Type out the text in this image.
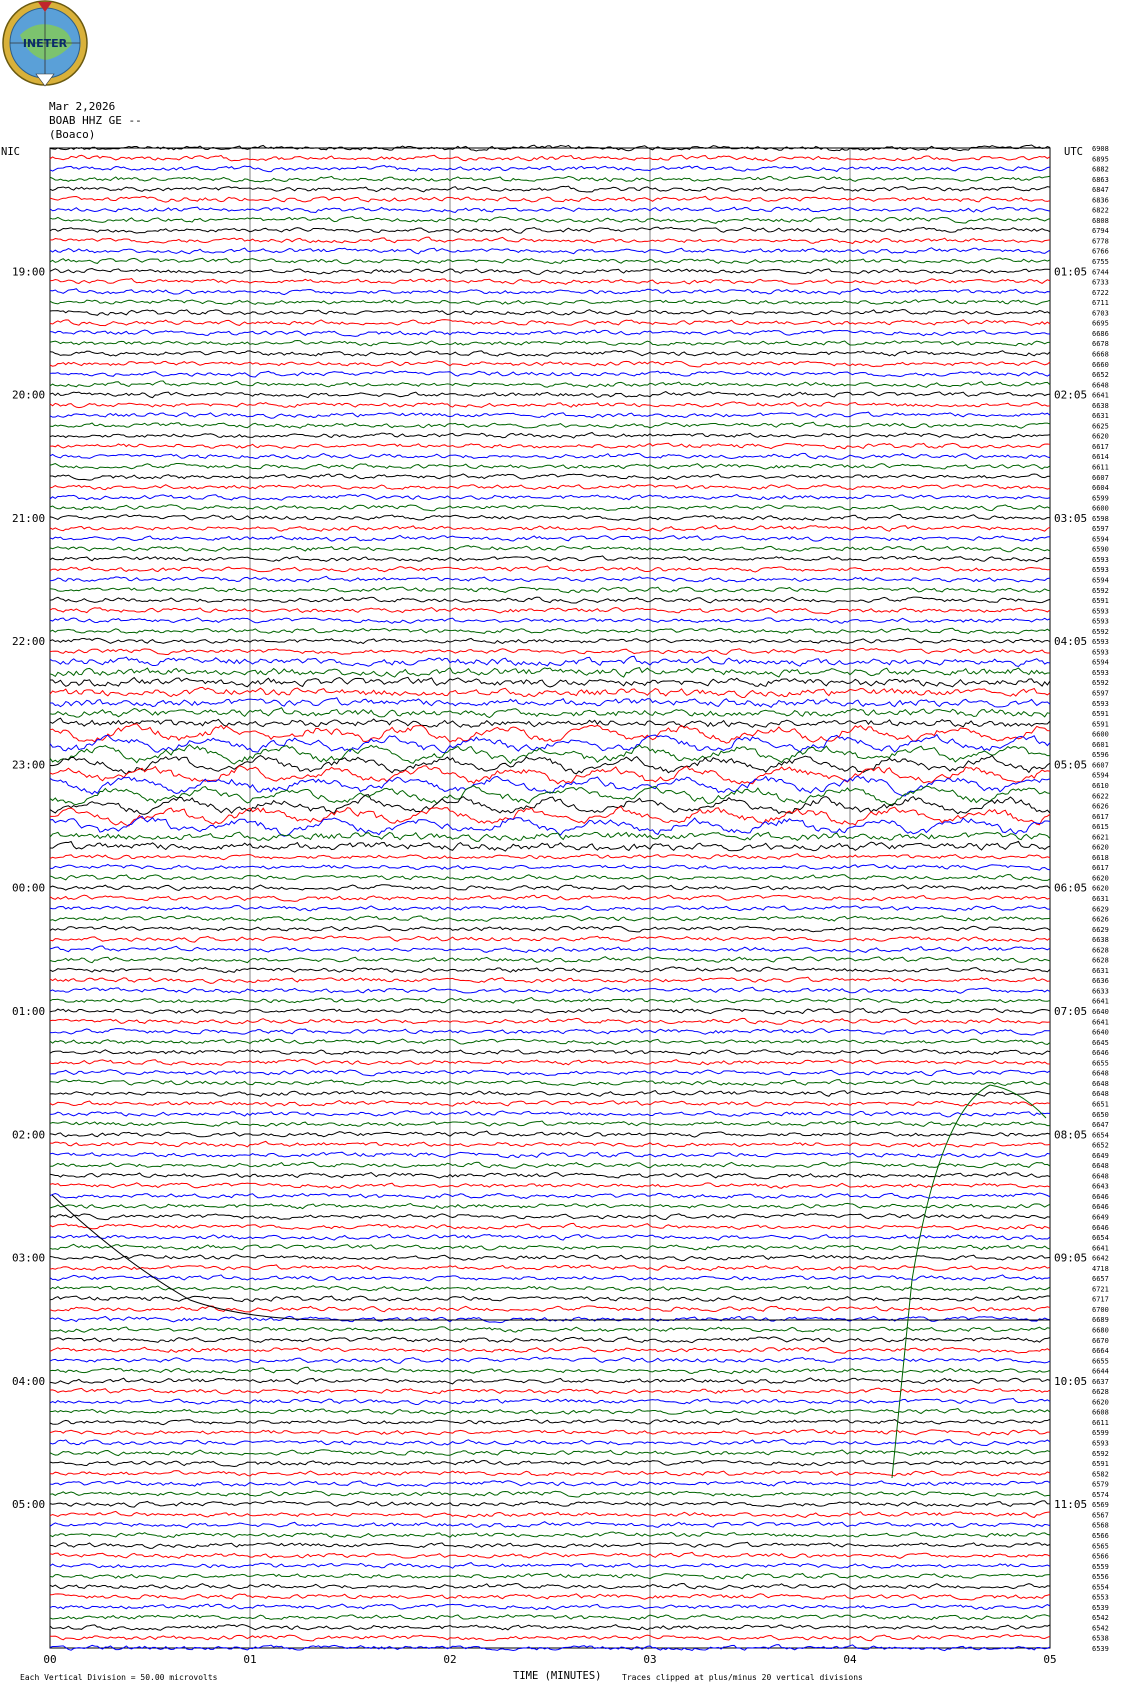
INETER
Mar 2,2026
BOAB HHZ GE --
(Boaco)
NIC	UTC
00	01	02	03	04	05
6908
6895
6882
6863
6847
6836
6822
6808
6794
6778
6766
6755
6744
6733
6722
6711
6703
6695
6686
6678
6668
6660
6652
6648
6641
6638
6631
6625
6620
6617
6614
6611
6607
6604
6599
6600
6598
6597
6594
6590
6593
6593
6594
6592
6591
6593
6593
6592
6593
6593
6594
6593
6592
6597
6593
6591
6591
6600
6601
6596
6607
6594
6610
6622
6626
6617
6615
6621
6620
6618
6617
6620
6620
6631
6629
6626
6629
6638
6628
6628
6631
6636
6633
6641
6640
6641
6640
6645
6646
6655
6648
6648
6648
6651
6650
6647
6654
6652
6649
6648
6648
6643
6646
6646
6649
6646
6654
6641
6642
4718
6657
6721
6717
6700
6689
6680
6670
6664
6655
6644
6637
6628
6620
6608
6611
6599
6593
6592
6591
6582
6579
6574
6569
6567
6568
6566
6565
6566
6559
6556
6554
6553
6539
6542
6542
6538
6539
19:00
20:00
21:00
22:00
23:00
00:00
01:00
02:00
03:00
04:00
05:00
01:05
02:05
03:05
04:05
05:05
06:05
07:05
08:05
09:05
10:05
11:05
TIME (MINUTES)
Each Vertical Division = 50.00 microvolts	Traces clipped at plus/minus 20 vertical divisions
